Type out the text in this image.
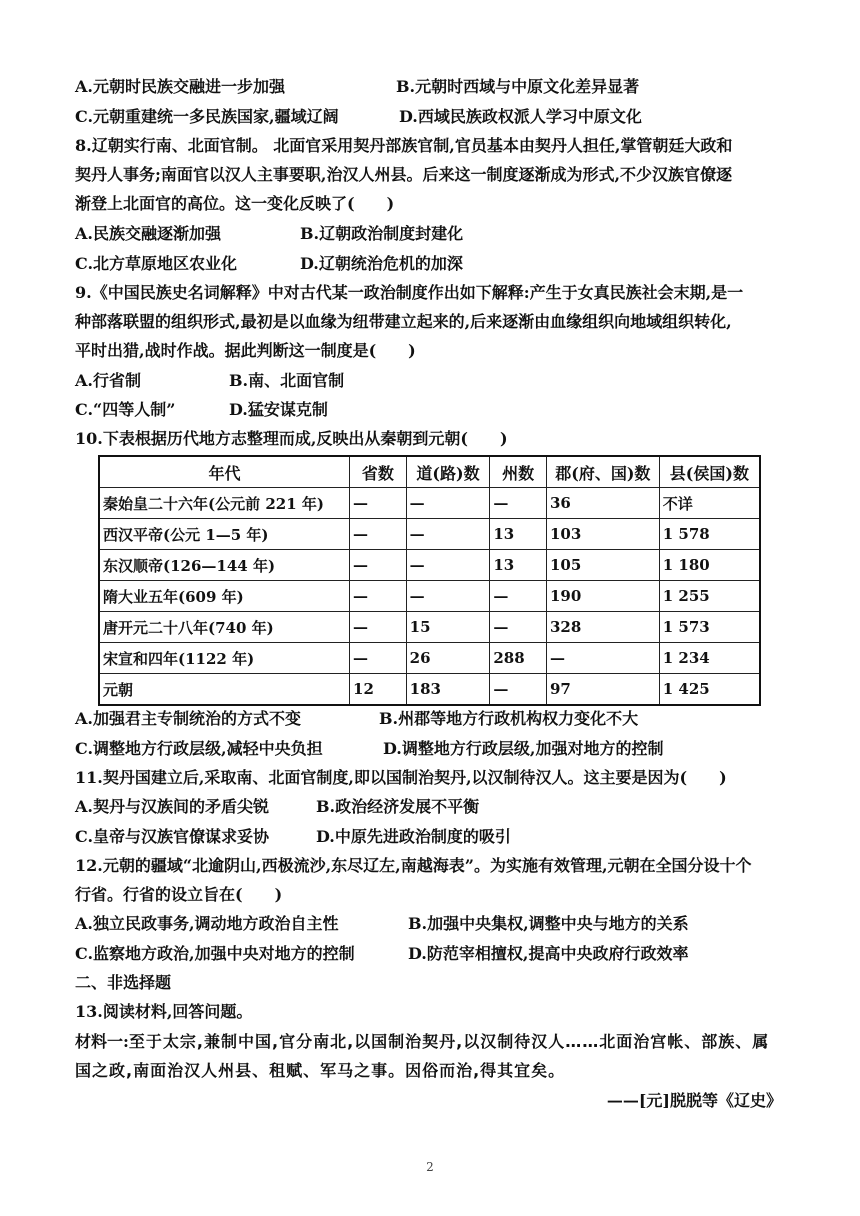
A.元朝时民族交融进一步加强	B.元朝时西域与中原文化差异显著
C.元朝重建统一多民族国家,疆域辽阔	D.西域民族政权派人学习中原文化
8.辽朝实行南、北面官制。 北面官采用契丹部族官制,官员基本由契丹人担任,掌管朝廷大政和
契丹人事务;南面官以汉人主事要职,治汉人州县。后来这一制度逐渐成为形式,不少汉族官僚逐
渐登上北面官的高位。这一变化反映了(　　)
A.民族交融逐渐加强	B.辽朝政治制度封建化
C.北方草原地区农业化	D.辽朝统治危机的加深
9.《中国民族史名词解释》中对古代某一政治制度作出如下解释:产生于女真民族社会末期,是一
种部落联盟的组织形式,最初是以血缘为纽带建立起来的,后来逐渐由血缘组织向地域组织转化,
平时出猎,战时作战。据此判断这一制度是(　　)
A.行省制	B.南、北面官制
C.“四等人制”	D.猛安谋克制
10.下表根据历代地方志整理而成,反映出从秦朝到元朝(　　)
年代	省数	道(路)数	州数	郡(府、国)数	县(侯国)数
秦始皇二十六年(公元前 221 年)	—	—	—	36	不详
西汉平帝(公元 1—5 年)	—	—	13	103	1 578
东汉顺帝(126—144 年)	—	—	13	105	1 180
隋大业五年(609 年)	—	—	—	190	1 255
唐开元二十八年(740 年)	—	15	—	328	1 573
宋宣和四年(1122 年)	—	26	288	—	1 234
元朝	12	183	—	97	1 425
A.加强君主专制统治的方式不变	B.州郡等地方行政机构权力变化不大
C.调整地方行政层级,减轻中央负担	D.调整地方行政层级,加强对地方的控制
11.契丹国建立后,采取南、北面官制度,即以国制治契丹,以汉制待汉人。这主要是因为(　　)
A.契丹与汉族间的矛盾尖锐	B.政治经济发展不平衡
C.皇帝与汉族官僚谋求妥协	D.中原先进政治制度的吸引
12.元朝的疆域“北逾阴山,西极流沙,东尽辽左,南越海表”。为实施有效管理,元朝在全国分设十个
行省。行省的设立旨在(　　)
A.独立民政事务,调动地方政治自主性	B.加强中央集权,调整中央与地方的关系
C.监察地方政治,加强中央对地方的控制	D.防范宰相擅权,提高中央政府行政效率
二、非选择题
13.阅读材料,回答问题。
材料一:至于太宗,兼制中国,官分南北,以国制治契丹,以汉制待汉人……北面治宫帐、部族、属
国之政,南面治汉人州县、租赋、军马之事。因俗而治,得其宜矣。
——[元]脱脱等《辽史》
2
